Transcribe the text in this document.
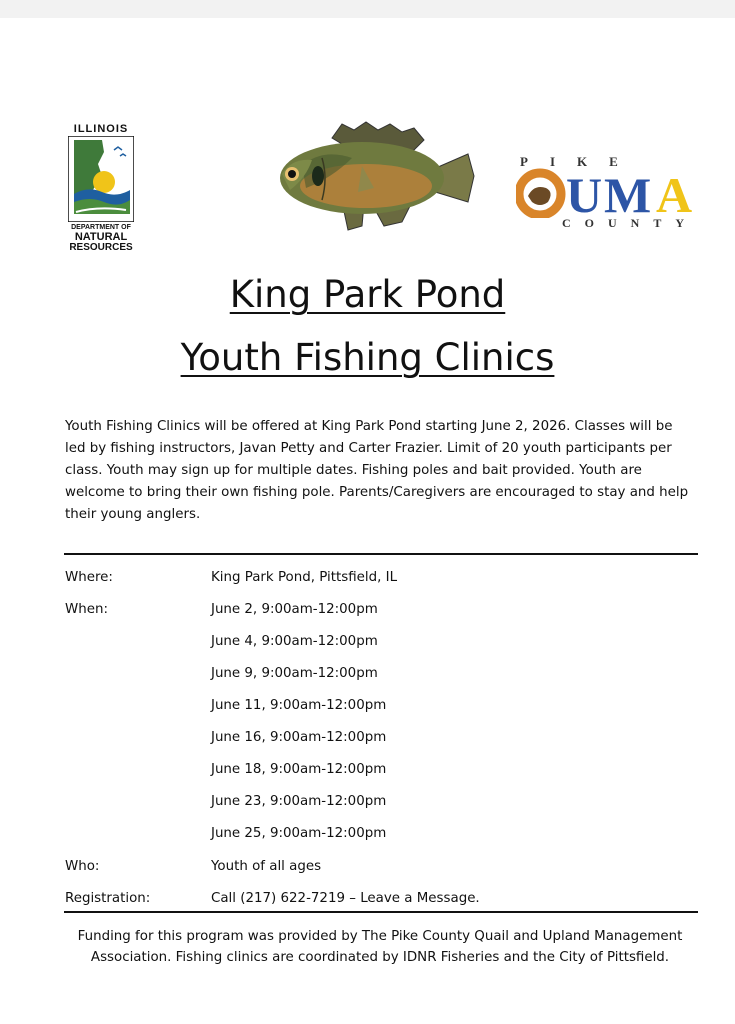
ILLINOIS
DEPARTMENT OF
NATURAL
RESOURCES
PIKE
U M A
COUNTY
King Park Pond
Youth Fishing Clinics

Youth Fishing Clinics will be offered at King Park Pond starting June 2, 2026. Classes will be led by fishing instructors, Javan Petty and Carter Frazier. Limit of 20 youth participants per class. Youth may sign up for multiple dates. Fishing poles and bait provided. Youth are welcome to bring their own fishing pole. Parents/Caregivers are encouraged to stay and help their young anglers.

Where:	King Park Pond, Pittsfield, IL
When:	June 2, 9:00am-12:00pm
June 4, 9:00am-12:00pm
June 9, 9:00am-12:00pm
June 11, 9:00am-12:00pm
June 16, 9:00am-12:00pm
June 18, 9:00am-12:00pm
June 23, 9:00am-12:00pm
June 25, 9:00am-12:00pm
Who:	Youth of all ages
Registration:	Call (217) 622-7219 – Leave a Message.

Funding for this program was provided by The Pike County Quail and Upland Management Association. Fishing clinics are coordinated by IDNR Fisheries and the City of Pittsfield.
